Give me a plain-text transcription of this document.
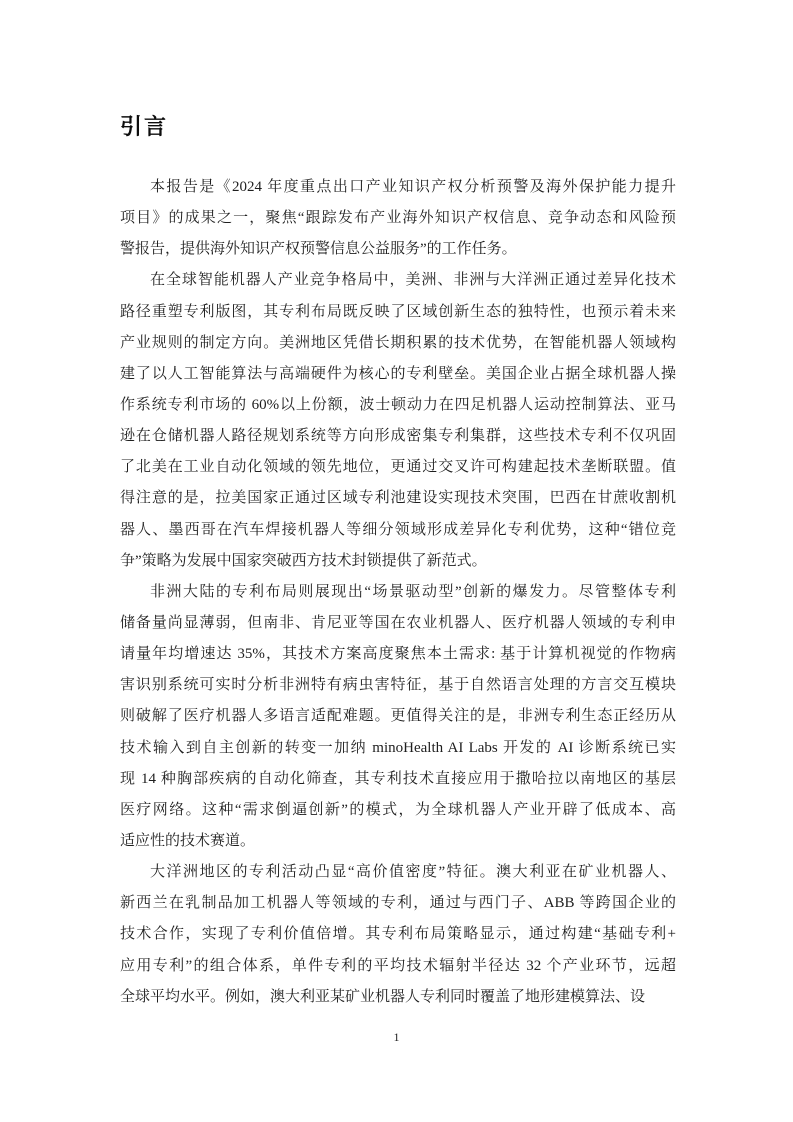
引言
本报告是《2024 年度重点出口产业知识产权分析预警及海外保护能力提升
项目》的成果之一，聚焦“跟踪发布产业海外知识产权信息、竞争动态和风险预
警报告，提供海外知识产权预警信息公益服务”的工作任务。
在全球智能机器人产业竞争格局中，美洲、非洲与大洋洲正通过差异化技术
路径重塑专利版图，其专利布局既反映了区域创新生态的独特性，也预示着未来
产业规则的制定方向。美洲地区凭借长期积累的技术优势，在智能机器人领域构
建了以人工智能算法与高端硬件为核心的专利壁垒。美国企业占据全球机器人操
作系统专利市场的 60%以上份额，波士顿动力在四足机器人运动控制算法、亚马
逊在仓储机器人路径规划系统等方向形成密集专利集群，这些技术专利不仅巩固
了北美在工业自动化领域的领先地位，更通过交叉许可构建起技术垄断联盟。值
得注意的是，拉美国家正通过区域专利池建设实现技术突围，巴西在甘蔗收割机
器人、墨西哥在汽车焊接机器人等细分领域形成差异化专利优势，这种“错位竞
争”策略为发展中国家突破西方技术封锁提供了新范式。
非洲大陆的专利布局则展现出“场景驱动型”创新的爆发力。尽管整体专利
储备量尚显薄弱，但南非、肯尼亚等国在农业机器人、医疗机器人领域的专利申
请量年均增速达 35%，其技术方案高度聚焦本土需求: 基于计算机视觉的作物病
害识别系统可实时分析非洲特有病虫害特征，基于自然语言处理的方言交互模块
则破解了医疗机器人多语言适配难题。更值得关注的是，非洲专利生态正经历从
技术输入到自主创新的转变一加纳 minoHealth AI Labs 开发的 AI 诊断系统已实
现 14 种胸部疾病的自动化筛查，其专利技术直接应用于撒哈拉以南地区的基层
医疗网络。这种“需求倒逼创新”的模式，为全球机器人产业开辟了低成本、高
适应性的技术赛道。
大洋洲地区的专利活动凸显“高价值密度”特征。澳大利亚在矿业机器人、
新西兰在乳制品加工机器人等领域的专利，通过与西门子、ABB 等跨国企业的
技术合作，实现了专利价值倍增。其专利布局策略显示，通过构建“基础专利+
应用专利”的组合体系，单件专利的平均技术辐射半径达 32 个产业环节，远超
全球平均水平。例如，澳大利亚某矿业机器人专利同时覆盖了地形建模算法、设
1
